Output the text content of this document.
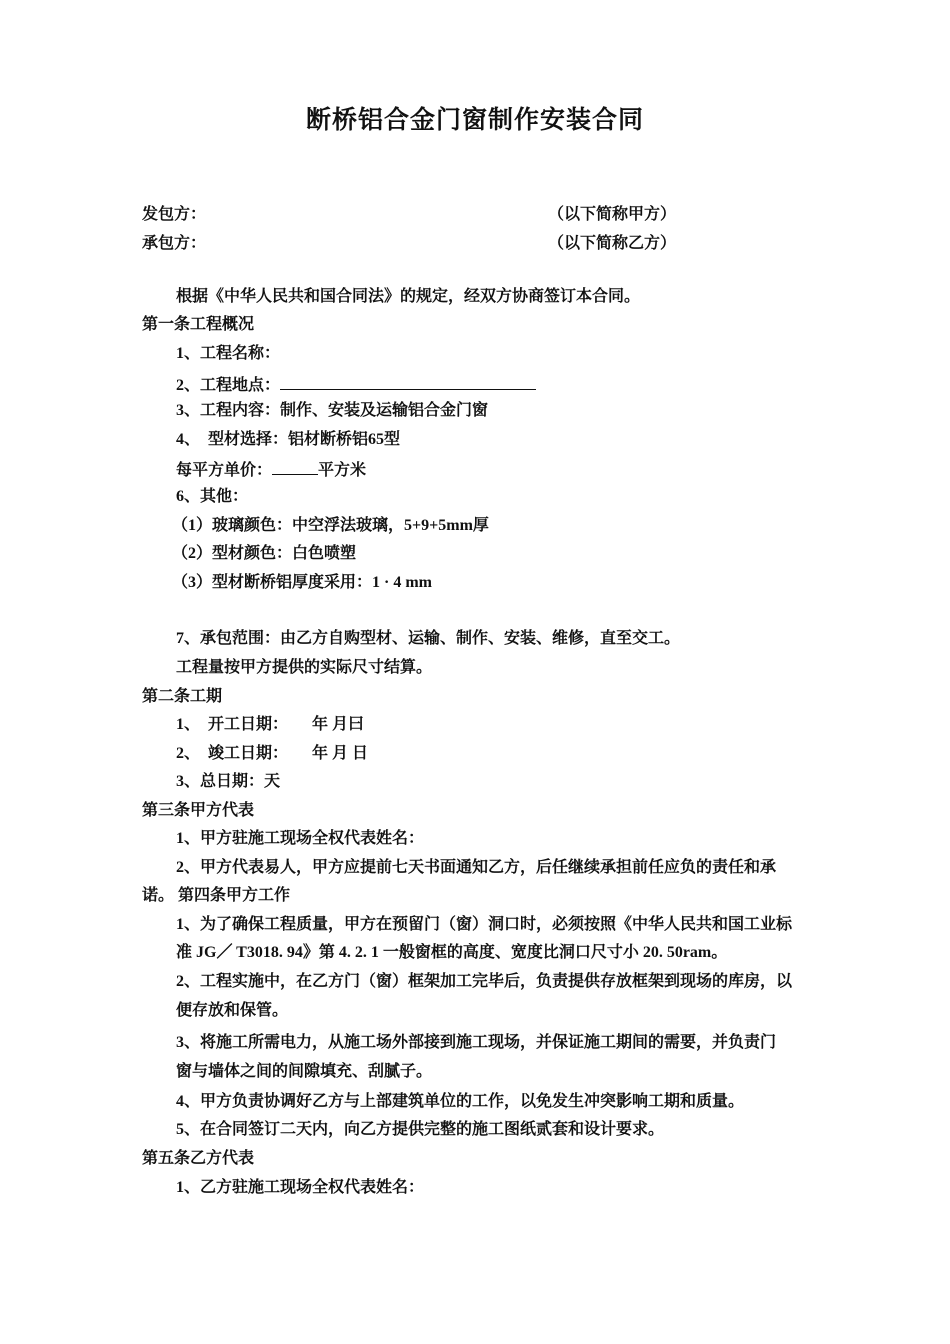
断桥铝合金门窗制作安装合同
发包方：	（以下简称甲方）
承包方：	（以下简称乙方）
根据《中华人民共和国合同法》的规定，经双方协商签订本合同。
第一条工程概况
1、工程名称：
2、工程地点：
3、工程内容：制作、安装及运输铝合金门窗
4、　型材选择：铝材断桥铝65型
每平方单价：	平方米
6、其他：
（1）玻璃颜色：中空浮法玻璃，5+9+5mm厚
（2）型材颜色：白色喷塑
（3）型材断桥铝厚度采用：1 · 4 mm
7、承包范围：由乙方自购型材、运输、制作、安装、维修，直至交工。
工程量按甲方提供的实际尺寸结算。
第二条工期
1、　开工日期：　　年 月曰
2、　竣工日期：　　年 月 日
3、总日期：天
第三条甲方代表
1、甲方驻施工现场全权代表姓名：
2、甲方代表易人，甲方应提前七天书面通知乙方，后任继续承担前任应负的责任和承
诺。 第四条甲方工作
1、为了确保工程质量，甲方在预留门（窗）洞口时，必须按照《中华人民共和国工业标
准 JG／ T3018. 94》第 4. 2. 1 一般窗框的高度、宽度比洞口尺寸小 20. 50ram。
2、工程实施中，在乙方门（窗）框架加工完毕后，负责提供存放框架到现场的库房，以
便存放和保管。
3、将施工所需电力，从施工场外部接到施工现场，并保证施工期间的需要，并负责门
窗与墙体之间的间隙填充、刮腻子。
4、甲方负责协调好乙方与上部建筑单位的工作，以免发生冲突影响工期和质量。
5、在合同签订二天内，向乙方提供完整的施工图纸贰套和设计要求。
第五条乙方代表
1、乙方驻施工现场全权代表姓名：
